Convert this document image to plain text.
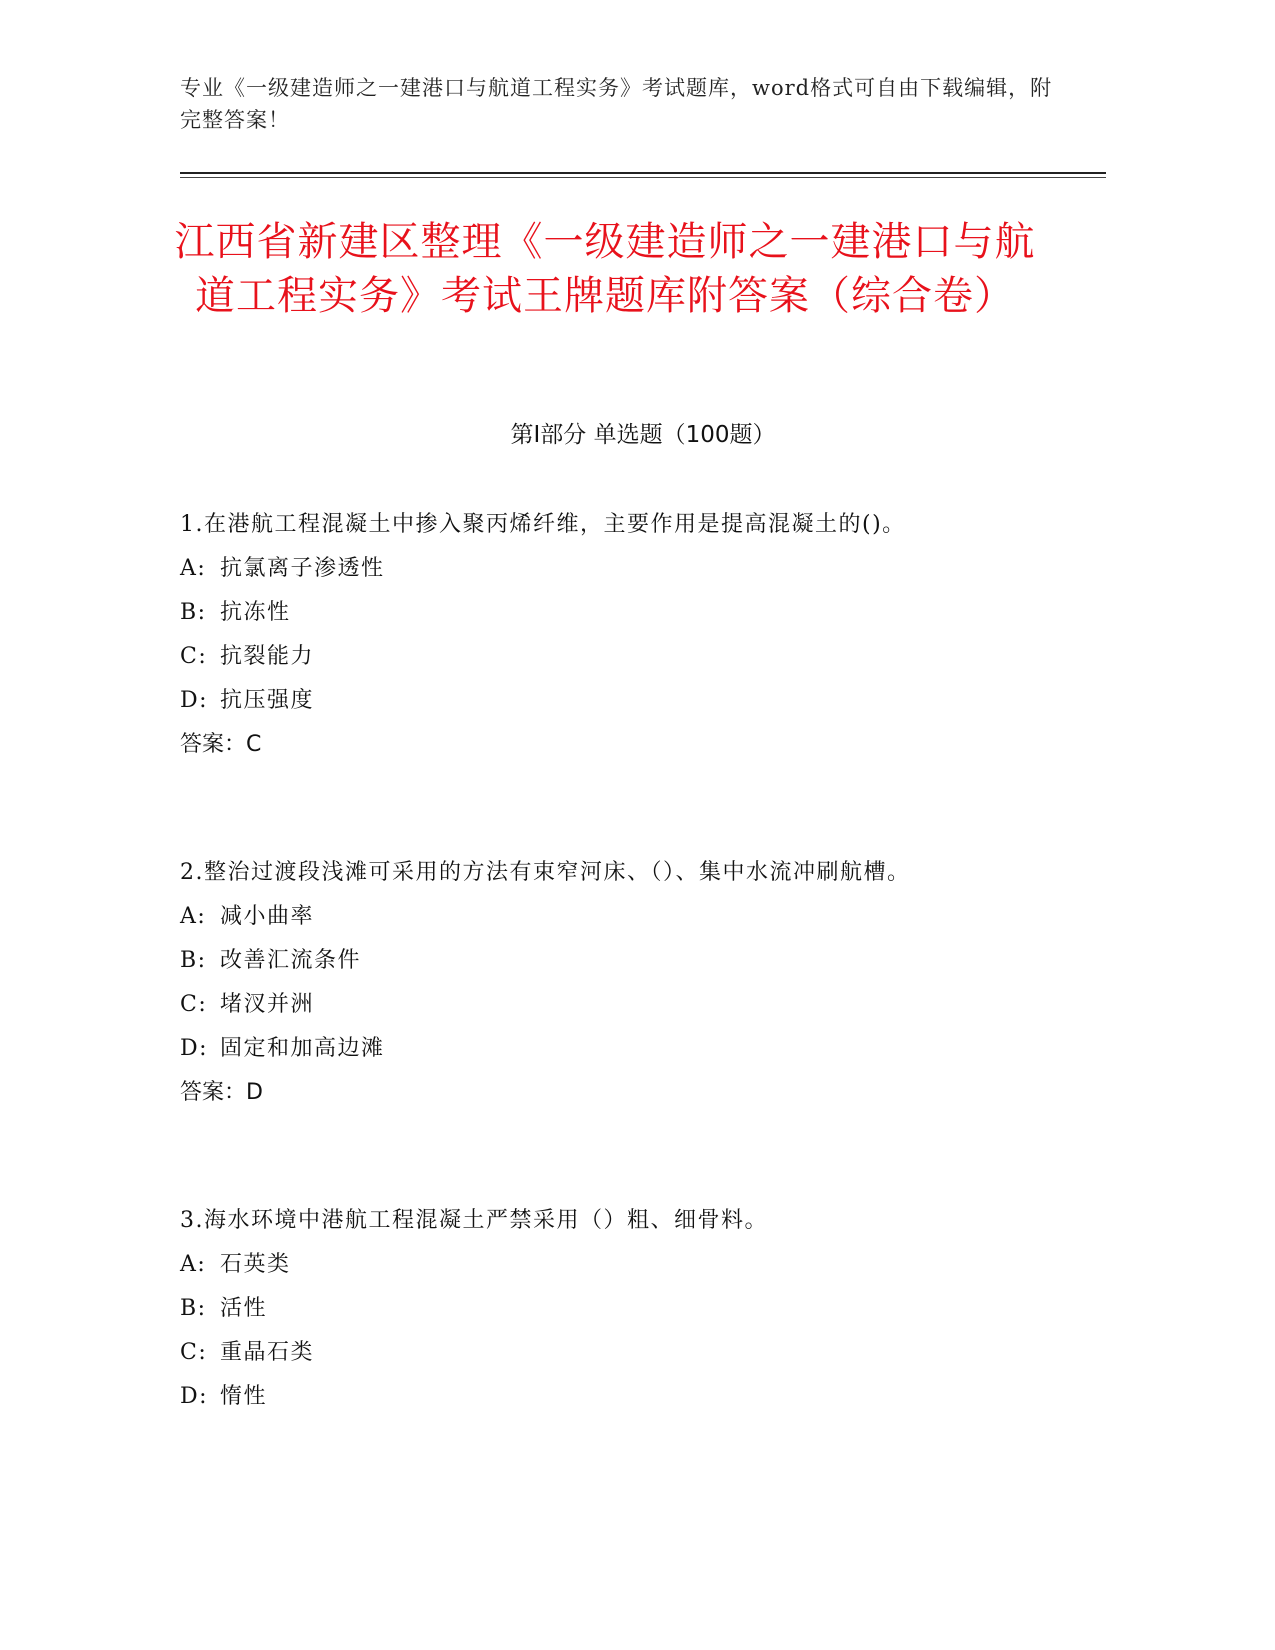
专业《一级建造师之一建港口与航道工程实务》考试题库，word格式可自由下载编辑，附完整答案！
江西省新建区整理《一级建造师之一建港口与航道工程实务》考试王牌题库附答案（综合卷）
第Ⅰ部分 单选题（100题）

1.在港航工程混凝土中掺入聚丙烯纤维，主要作用是提高混凝土的()。

A: 抗氯离子渗透性

B: 抗冻性

C: 抗裂能力

D: 抗压强度

答案：C

2.整治过渡段浅滩可采用的方法有束窄河床、（）、集中水流冲刷航槽。

A: 减小曲率

B: 改善汇流条件

C: 堵汊并洲

D: 固定和加高边滩

答案：D

3.海水环境中港航工程混凝土严禁采用（）粗、细骨料。

A: 石英类

B: 活性

C: 重晶石类

D: 惰性
